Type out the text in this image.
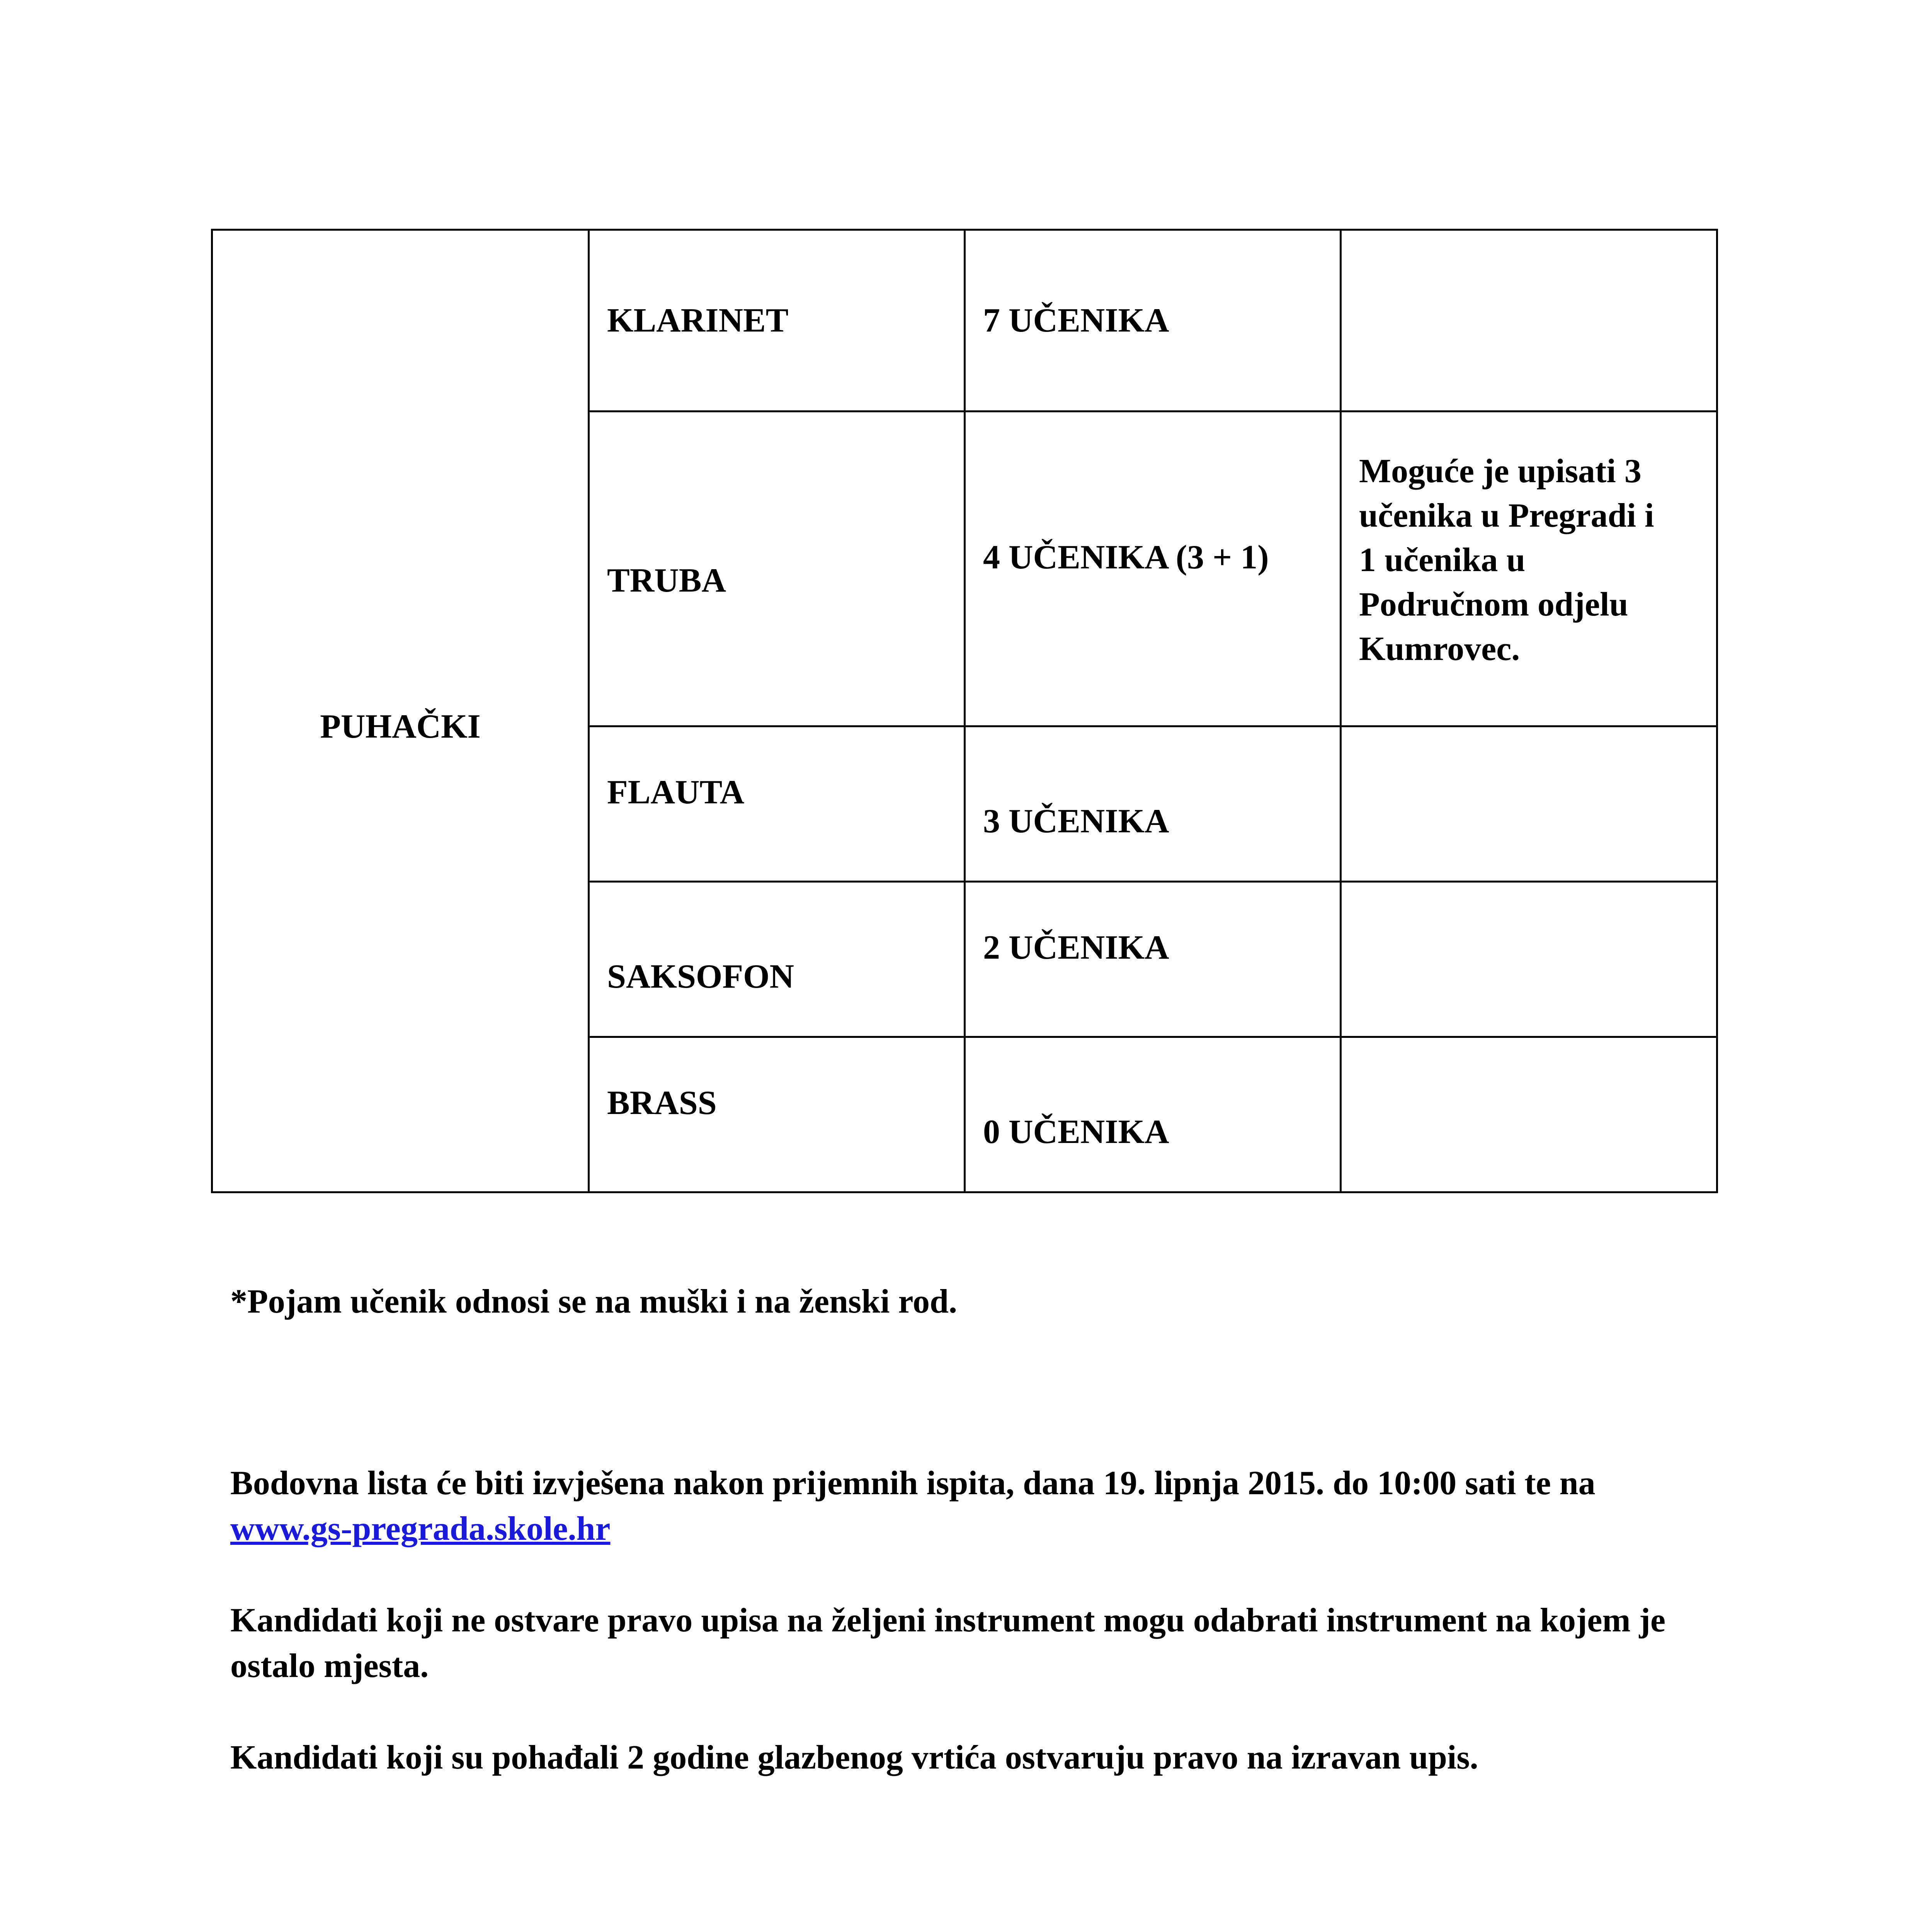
PUHAČKI	KLARINET	7 UČENIKA	

	TRUBA	4 UČENIKA (3 + 1)	Moguće je upisati 3
učenika u Pregradi i
1 učenika u
Područnom odjelu
Kumrovec.

	FLAUTA	3 UČENIKA	

	SAKSOFON	2 UČENIKA	

	BRASS	0 UČENIKA	
*Pojam učenik odnosi se na muški i na ženski rod.
Bodovna lista će biti izvješena nakon prijemnih ispita, dana 19. lipnja 2015. do 10:00 sati te na www.gs-pregrada.skole.hr
Kandidati koji ne ostvare pravo upisa na željeni instrument mogu odabrati instrument na kojem je ostalo mjesta.
Kandidati koji su pohađali 2 godine glazbenog vrtića ostvaruju pravo na izravan upis.
